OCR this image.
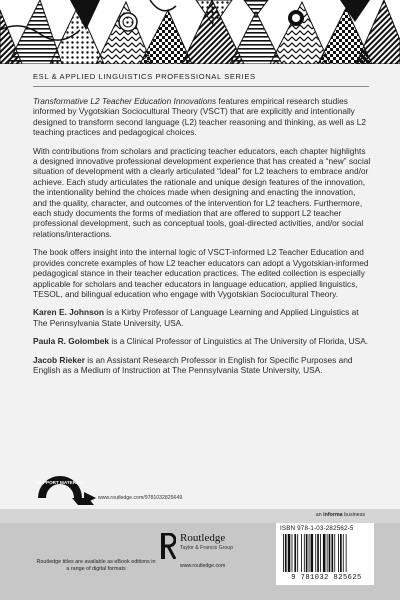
ESL & APPLIED LINGUISTICS PROFESSIONAL SERIES

Transformative L2 Teacher Education Innovations features empirical research studies informed by Vygotskian Sociocultural Theory (VSCT) that are explicitly and intentionally designed to transform second language (L2) teacher reasoning and thinking, as well as L2 teaching practices and pedagogical choices.

With contributions from scholars and practicing teacher educators, each chapter highlights a designed innovative professional development experience that has created a “new” social situation of development with a clearly articulated “ideal” for L2 teachers to embrace and/or achieve. Each study articulates the rationale and unique design features of the innovation, the intentionality behind the choices made when designing and enacting the innovation, and the quality, character, and outcomes of the intervention for L2 teachers. Furthermore, each study documents the forms of mediation that are offered to support L2 teacher professional development, such as conceptual tools, goal-directed activities, and/or social relations/interactions.

The book offers insight into the internal logic of VSCT-informed L2 Teacher Education and provides concrete examples of how L2 teacher educators can adopt a Vygotskian-informed pedagogical stance in their teacher education practices. The edited collection is especially applicable for scholars and teacher educators in language education, applied linguistics, TESOL, and bilingual education who engage with Vygotskian Sociocultural Theory.

Karen E. Johnson is a Kirby Professor of Language Learning and Applied Linguistics at The Pennsylvania State University, USA.

Paula R. Golombek is a Clinical Professor of Linguistics at The University of Florida, USA.

Jacob Rieker is an Assistant Research Professor in English for Specific Purposes and English as a Medium of Instruction at The Pennsylvania State University, USA.

SUPPORT MATERIAL
www.routledge.com/9781032825649
an informa business
Routledge titles are available as eBook editions in a range of digital formats
Routledge
Taylor & Francis Group
www.routledge.com
ISBN 978-1-03-282562-5
9 781032 825625
